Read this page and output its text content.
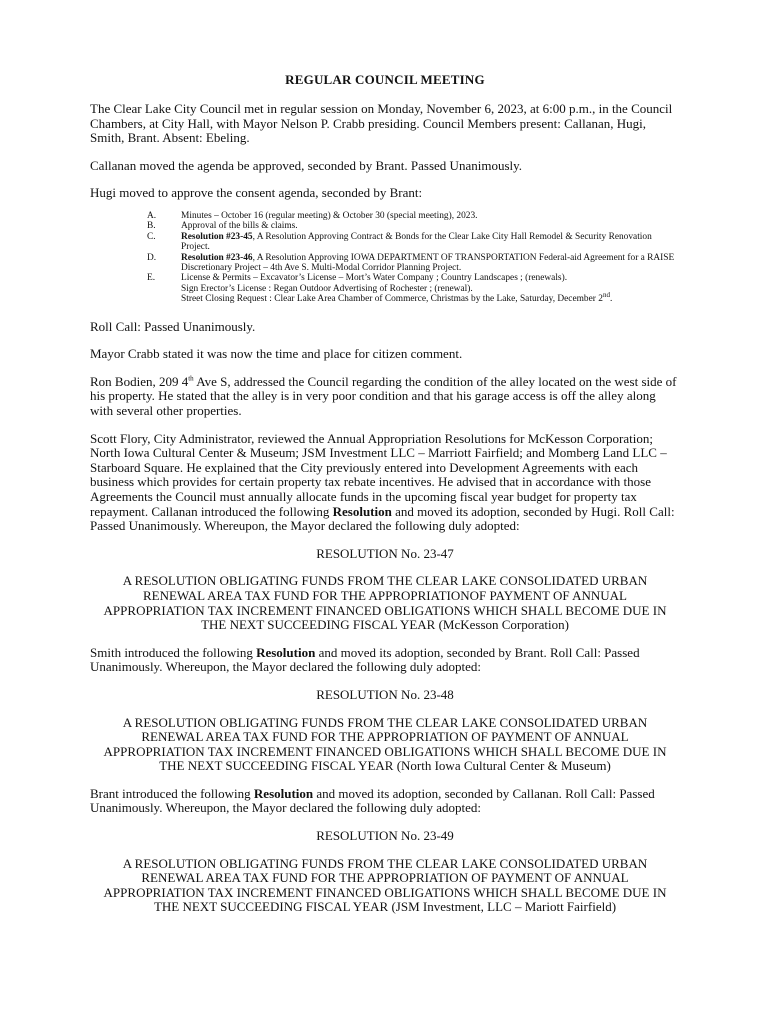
REGULAR COUNCIL MEETING

The Clear Lake City Council met in regular session on Monday, November 6, 2023, at 6:00 p.m., in the Council Chambers, at City Hall, with Mayor Nelson P. Crabb presiding. Council Members present: Callanan, Hugi, Smith, Brant. Absent: Ebeling.

Callanan moved the agenda be approved, seconded by Brant. Passed Unanimously.

Hugi moved to approve the consent agenda, seconded by Brant:

A.	Minutes – October 16 (regular meeting) & October 30 (special meeting), 2023.
B.	Approval of the bills & claims.
C.	Resolution #23-45, A Resolution Approving Contract & Bonds for the Clear Lake City Hall Remodel & Security Renovation Project.
D.	Resolution #23-46, A Resolution Approving IOWA DEPARTMENT OF TRANSPORTATION Federal-aid Agreement for a RAISE Discretionary Project – 4th Ave S. Multi-Modal Corridor Planning Project.
E.	License & Permits – Excavator’s License – Mort’s Water Company ; Country Landscapes ; (renewals).
Sign Erector’s License : Regan Outdoor Advertising of Rochester ; (renewal).
Street Closing Request : Clear Lake Area Chamber of Commerce, Christmas by the Lake, Saturday, December 2nd.

Roll Call: Passed Unanimously.

Mayor Crabb stated it was now the time and place for citizen comment.

Ron Bodien, 209 4th Ave S, addressed the Council regarding the condition of the alley located on the west side of his property. He stated that the alley is in very poor condition and that his garage access is off the alley along with several other properties.

Scott Flory, City Administrator, reviewed the Annual Appropriation Resolutions for McKesson Corporation; North Iowa Cultural Center & Museum; JSM Investment LLC – Marriott Fairfield; and Momberg Land LLC – Starboard Square. He explained that the City previously entered into Development Agreements with each business which provides for certain property tax rebate incentives. He advised that in accordance with those Agreements the Council must annually allocate funds in the upcoming fiscal year budget for property tax repayment. Callanan introduced the following Resolution and moved its adoption, seconded by Hugi. Roll Call: Passed Unanimously. Whereupon, the Mayor declared the following duly adopted:

RESOLUTION No. 23-47
A RESOLUTION OBLIGATING FUNDS FROM THE CLEAR LAKE CONSOLIDATED URBAN RENEWAL AREA TAX FUND FOR THE APPROPRIATIONOF PAYMENT OF ANNUAL APPROPRIATION TAX INCREMENT FINANCED OBLIGATIONS WHICH SHALL BECOME DUE IN THE NEXT SUCCEEDING FISCAL YEAR (McKesson Corporation)

Smith introduced the following Resolution and moved its adoption, seconded by Brant. Roll Call: Passed Unanimously. Whereupon, the Mayor declared the following duly adopted:

RESOLUTION No. 23-48
A RESOLUTION OBLIGATING FUNDS FROM THE CLEAR LAKE CONSOLIDATED URBAN RENEWAL AREA TAX FUND FOR THE APPROPRIATION OF PAYMENT OF ANNUAL APPROPRIATION TAX INCREMENT FINANCED OBLIGATIONS WHICH SHALL BECOME DUE IN THE NEXT SUCCEEDING FISCAL YEAR (North Iowa Cultural Center & Museum)

Brant introduced the following Resolution and moved its adoption, seconded by Callanan. Roll Call: Passed Unanimously. Whereupon, the Mayor declared the following duly adopted:

RESOLUTION No. 23-49
A RESOLUTION OBLIGATING FUNDS FROM THE CLEAR LAKE CONSOLIDATED URBAN RENEWAL AREA TAX FUND FOR THE APPROPRIATION OF PAYMENT OF ANNUAL APPROPRIATION TAX INCREMENT FINANCED OBLIGATIONS WHICH SHALL BECOME DUE IN THE NEXT SUCCEEDING FISCAL YEAR (JSM Investment, LLC – Mariott Fairfield)
